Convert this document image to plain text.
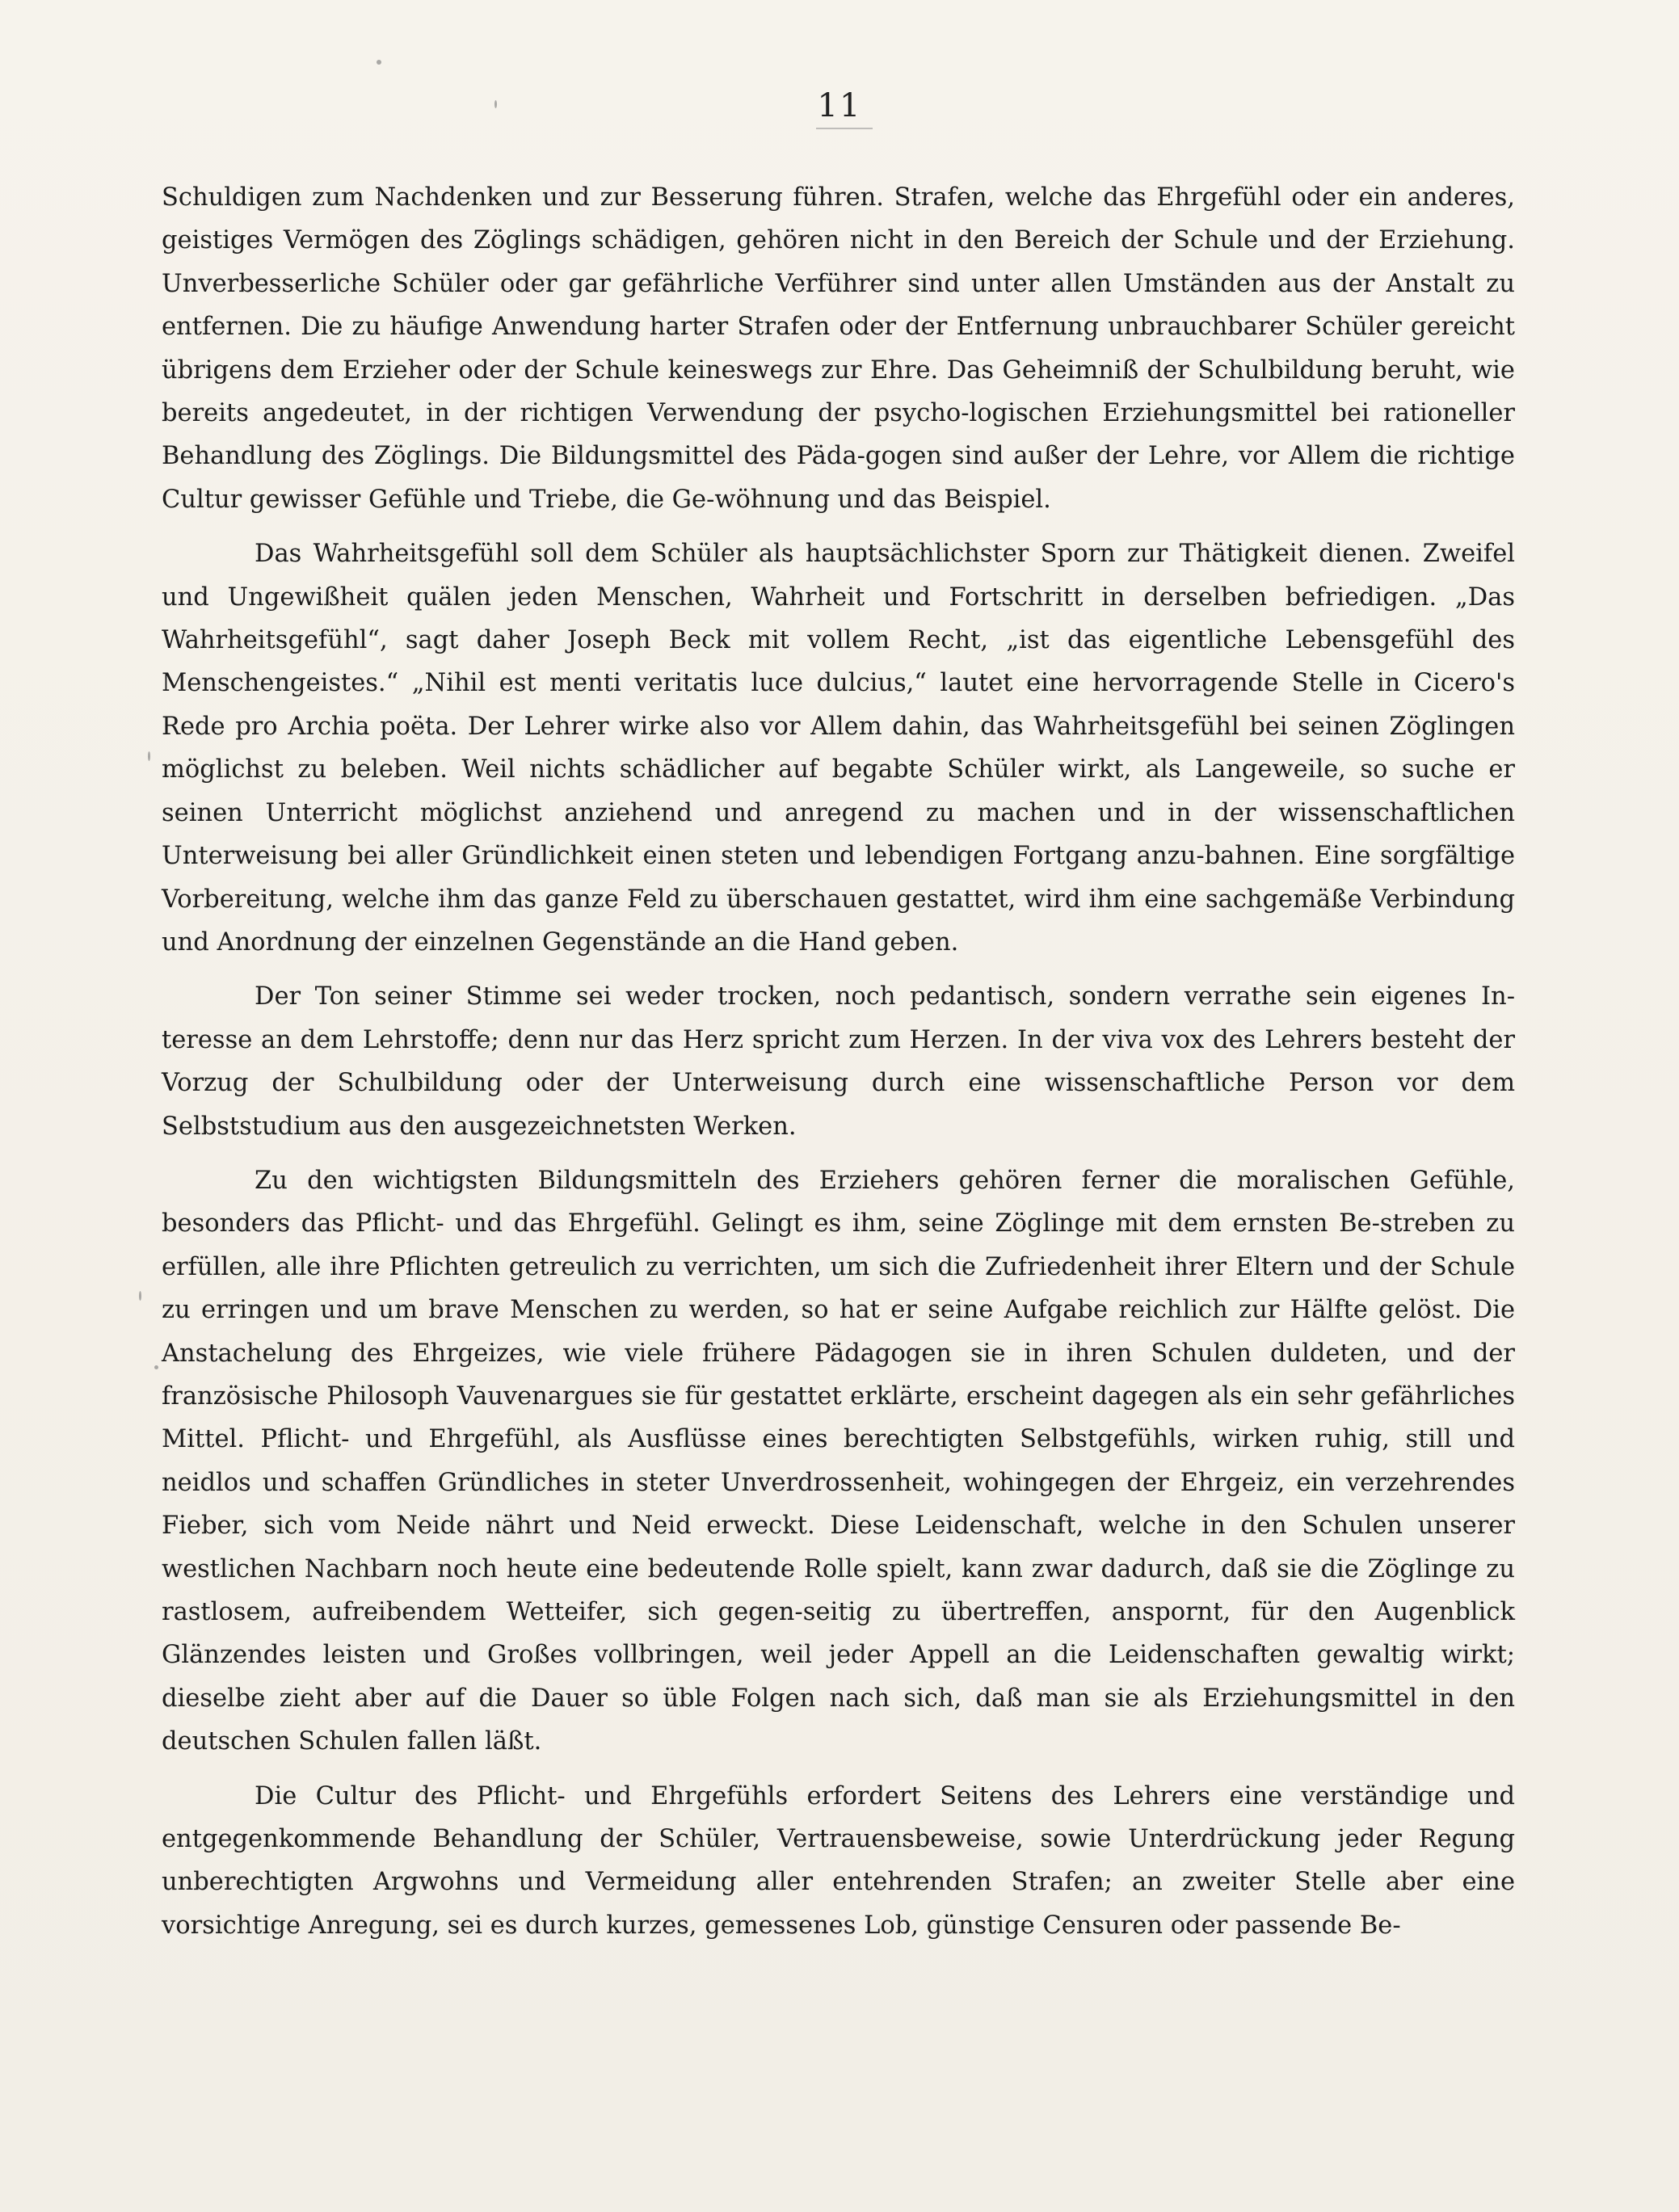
11

Schuldigen zum Nachdenken und zur Besserung führen. Strafen, welche das Ehrgefühl oder ein anderes, geistiges Vermögen des Zöglings schädigen, gehören nicht in den Bereich der Schule und der Erziehung. Unverbesserliche Schüler oder gar gefährliche Verführer sind unter allen Umständen aus der Anstalt zu entfernen. Die zu häufige Anwendung harter Strafen oder der Entfernung unbrauchbarer Schüler gereicht übrigens dem Erzieher oder der Schule keineswegs zur Ehre. Das Geheimniß der Schulbildung beruht, wie bereits angedeutet, in der richtigen Verwendung der psycho-logischen Erziehungsmittel bei rationeller Behandlung des Zöglings. Die Bildungsmittel des Päda-gogen sind außer der Lehre, vor Allem die richtige Cultur gewisser Gefühle und Triebe, die Ge-wöhnung und das Beispiel.

Das Wahrheitsgefühl soll dem Schüler als hauptsächlichster Sporn zur Thätigkeit dienen. Zweifel und Ungewißheit quälen jeden Menschen, Wahrheit und Fortschritt in derselben befriedigen. „Das Wahrheitsgefühl“, sagt daher Joseph Beck mit vollem Recht, „ist das eigentliche Lebensgefühl des Menschengeistes.“ „Nihil est menti veritatis luce dulcius,“ lautet eine hervorragende Stelle in Cicero's Rede pro Archia poëta. Der Lehrer wirke also vor Allem dahin, das Wahrheitsgefühl bei seinen Zöglingen möglichst zu beleben. Weil nichts schädlicher auf begabte Schüler wirkt, als Langeweile, so suche er seinen Unterricht möglichst anziehend und anregend zu machen und in der wissenschaftlichen Unterweisung bei aller Gründlichkeit einen steten und lebendigen Fortgang anzu-bahnen. Eine sorgfältige Vorbereitung, welche ihm das ganze Feld zu überschauen gestattet, wird ihm eine sachgemäße Verbindung und Anordnung der einzelnen Gegenstände an die Hand geben.

Der Ton seiner Stimme sei weder trocken, noch pedantisch, sondern verrathe sein eigenes In-teresse an dem Lehrstoffe; denn nur das Herz spricht zum Herzen. In der viva vox des Lehrers besteht der Vorzug der Schulbildung oder der Unterweisung durch eine wissenschaftliche Person vor dem Selbststudium aus den ausgezeichnetsten Werken.

Zu den wichtigsten Bildungsmitteln des Erziehers gehören ferner die moralischen Gefühle, besonders das Pflicht- und das Ehrgefühl. Gelingt es ihm, seine Zöglinge mit dem ernsten Be-streben zu erfüllen, alle ihre Pflichten getreulich zu verrichten, um sich die Zufriedenheit ihrer Eltern und der Schule zu erringen und um brave Menschen zu werden, so hat er seine Aufgabe reichlich zur Hälfte gelöst. Die Anstachelung des Ehrgeizes, wie viele frühere Pädagogen sie in ihren Schulen duldeten, und der französische Philosoph Vauvenargues sie für gestattet erklärte, erscheint dagegen als ein sehr gefährliches Mittel. Pflicht- und Ehrgefühl, als Ausflüsse eines berechtigten Selbstgefühls, wirken ruhig, still und neidlos und schaffen Gründliches in steter Unverdrossenheit, wohingegen der Ehrgeiz, ein verzehrendes Fieber, sich vom Neide nährt und Neid erweckt. Diese Leidenschaft, welche in den Schulen unserer westlichen Nachbarn noch heute eine bedeutende Rolle spielt, kann zwar dadurch, daß sie die Zöglinge zu rastlosem, aufreibendem Wetteifer, sich gegen-seitig zu übertreffen, anspornt, für den Augenblick Glänzendes leisten und Großes vollbringen, weil jeder Appell an die Leidenschaften gewaltig wirkt; dieselbe zieht aber auf die Dauer so üble Folgen nach sich, daß man sie als Erziehungsmittel in den deutschen Schulen fallen läßt.

Die Cultur des Pflicht- und Ehrgefühls erfordert Seitens des Lehrers eine verständige und entgegenkommende Behandlung der Schüler, Vertrauensbeweise, sowie Unterdrückung jeder Regung unberechtigten Argwohns und Vermeidung aller entehrenden Strafen; an zweiter Stelle aber eine vorsichtige Anregung, sei es durch kurzes, gemessenes Lob, günstige Censuren oder passende Be-
